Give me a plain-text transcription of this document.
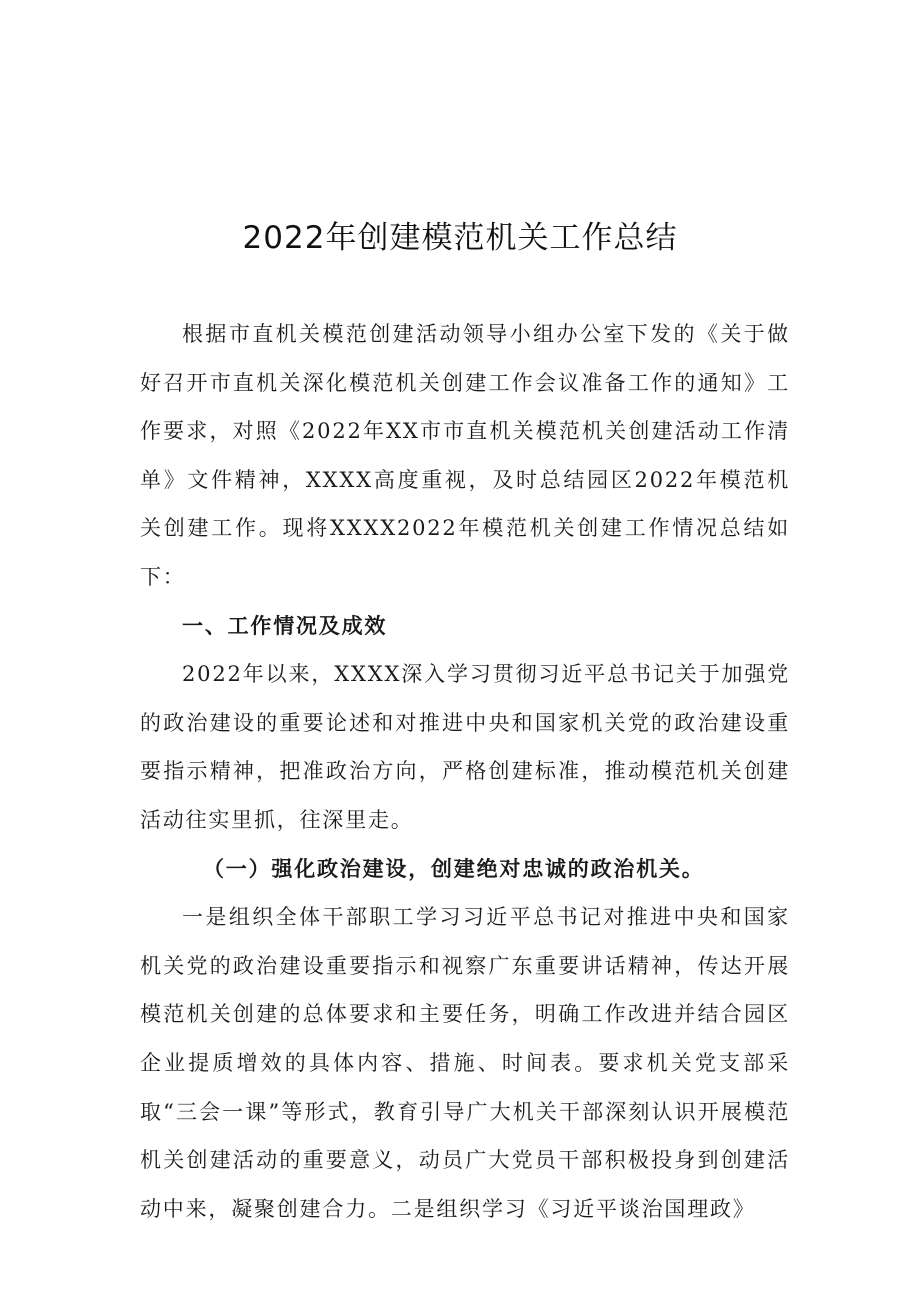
2022年创建模范机关工作总结

根据市直机关模范创建活动领导小组办公室下发的《关于做好召开市直机关深化模范机关创建工作会议准备工作的通知》工作要求，对照《2022年XX市市直机关模范机关创建活动工作清单》文件精神，XXXX高度重视，及时总结园区2022年模范机关创建工作。现将XXXX2022年模范机关创建工作情况总结如下：

一、工作情况及成效

2022年以来，XXXX深入学习贯彻习近平总书记关于加强党的政治建设的重要论述和对推进中央和国家机关党的政治建设重要指示精神，把准政治方向，严格创建标准，推动模范机关创建活动往实里抓，往深里走。

（一）强化政治建设，创建绝对忠诚的政治机关。

一是组织全体干部职工学习习近平总书记对推进中央和国家机关党的政治建设重要指示和视察广东重要讲话精神，传达开展模范机关创建的总体要求和主要任务，明确工作改进并结合园区企业提质增效的具体内容、措施、时间表。要求机关党支部采取“三会一课”等形式，教育引导广大机关干部深刻认识开展模范机关创建活动的重要意义，动员广大党员干部积极投身到创建活动中来，凝聚创建合力。二是组织学习《习近平谈治国理政》
